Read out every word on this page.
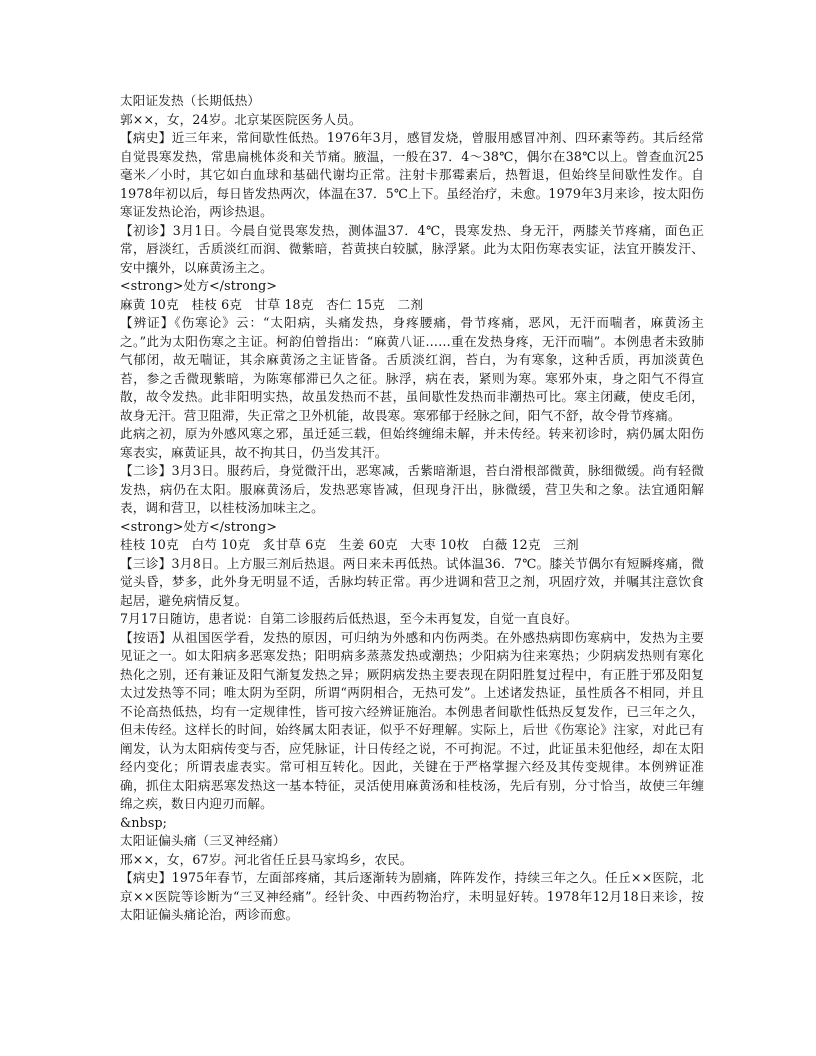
太阳证发热（长期低热）
郭××，女，24岁。北京某医院医务人员。
【病史】近三年来，常间歇性低热。1976年3月，感冒发烧，曾服用感冒冲剂、四环素等药。其后经常自觉畏寒发热，常患扁桃体炎和关节痛。腋温，一般在37．4～38℃，偶尔在38℃以上。曾查血沉25毫米／小时，其它如白血球和基础代谢均正常。注射卡那霉素后，热暂退，但始终呈间歇性发作。自1978年初以后，每日皆发热两次，体温在37．5℃上下。虽经治疗，未愈。1979年3月来诊，按太阳伤寒证发热论治，两诊热退。
【初诊】3月1日。今晨自觉畏寒发热，测体温37．4℃，畏寒发热、身无汗，两膝关节疼痛，面色正常，唇淡红，舌质淡红而润、微紫暗，苔黄挟白较腻，脉浮紧。此为太阳伤寒表实证，法宜开腠发汗、安中攘外，以麻黄汤主之。
<strong>处方</strong>
麻黄 10克　桂枝 6克　甘草 18克　杏仁 15克　二剂
【辨证】《伤寒论》云：“太阳病，头痛发热，身疼腰痛，骨节疼痛，恶风，无汗而喘者，麻黄汤主之。”此为太阳伤寒之主证。柯韵伯曾指出：“麻黄八证……重在发热身疼，无汗而喘”。本例患者未致肺气郁闭，故无喘证，其余麻黄汤之主证皆备。舌质淡红润，苔白，为有寒象，这种舌质，再加淡黄色苔，参之舌微现紫暗，为陈寒郁滞已久之征。脉浮，病在表，紧则为寒。寒邪外束，身之阳气不得宣散，故令发热。此非阳明实热，故虽发热而不甚，虽间歇性发热而非潮热可比。寒主闭藏，使皮毛闭，故身无汗。营卫阻滞，失正常之卫外机能，故畏寒。寒邪郁于经脉之间，阳气不舒，故令骨节疼痛。
此病之初，原为外感风寒之邪，虽迁延三载，但始终缠绵未解，并未传经。转来初诊时，病仍属太阳伤寒表实，麻黄证具，故不拘其日，仍当发其汗。
【二诊】3月3日。服药后，身觉微汗出，恶寒减，舌紫暗渐退，苔白滑根部微黄，脉细微缓。尚有轻微发热，病仍在太阳。服麻黄汤后，发热恶寒皆减，但现身汗出，脉微缓，营卫失和之象。法宜通阳解表，调和营卫，以桂枝汤加味主之。
<strong>处方</strong>
桂枝 10克　白芍 10克　炙甘草 6克　生姜 60克　大枣 10枚　白薇 12克　三剂
【三诊】3月8日。上方服三剂后热退。两日来未再低热。试体温36．7℃。膝关节偶尔有短瞬疼痛，微觉头昏，梦多，此外身无明显不适，舌脉均转正常。再少进调和营卫之剂，巩固疗效，并嘱其注意饮食起居，避免病情反复。
7月17日随访，患者说：自第二诊服药后低热退，至今未再复发，自觉一直良好。
【按语】从祖国医学看，发热的原因，可归纳为外感和内伤两类。在外感热病即伤寒病中，发热为主要见证之一。如太阳病多恶寒发热；阳明病多蒸蒸发热或潮热；少阳病为往来寒热；少阴病发热则有寒化热化之别，还有兼证及阳气渐复发热之异；厥阴病发热主要表现在阴阳胜复过程中，有正胜于邪及阳复太过发热等不同；唯太阴为至阴，所谓“两阴相合，无热可发”。上述诸发热证，虽性质各不相同，并且不论高热低热，均有一定规律性，皆可按六经辨证施治。本例患者间歇性低热反复发作，已三年之久，但未传经。这样长的时间，始终属太阳表证，似乎不好理解。实际上，后世《伤寒论》注家，对此已有阐发，认为太阳病传变与否，应凭脉证，计日传经之说，不可拘泥。不过，此证虽未犯他经，却在太阳经内变化；所谓表虚表实。常可相互转化。因此，关键在于严格掌握六经及其传变规律。本例辨证准确，抓住太阳病恶寒发热这一基本特征，灵活使用麻黄汤和桂枝汤，先后有别，分寸恰当，故使三年缠绵之疾，数日内迎刃而解。
&nbsp;
太阳证偏头痛（三叉神经痛）
邢××，女，67岁。河北省任丘县马家坞乡，农民。
【病史】1975年春节，左面部疼痛，其后逐渐转为剧痛，阵阵发作，持续三年之久。任丘××医院，北京××医院等诊断为“三叉神经痛”。经针灸、中西药物治疗，未明显好转。1978年12月18日来诊，按太阳证偏头痛论治，两诊而愈。
